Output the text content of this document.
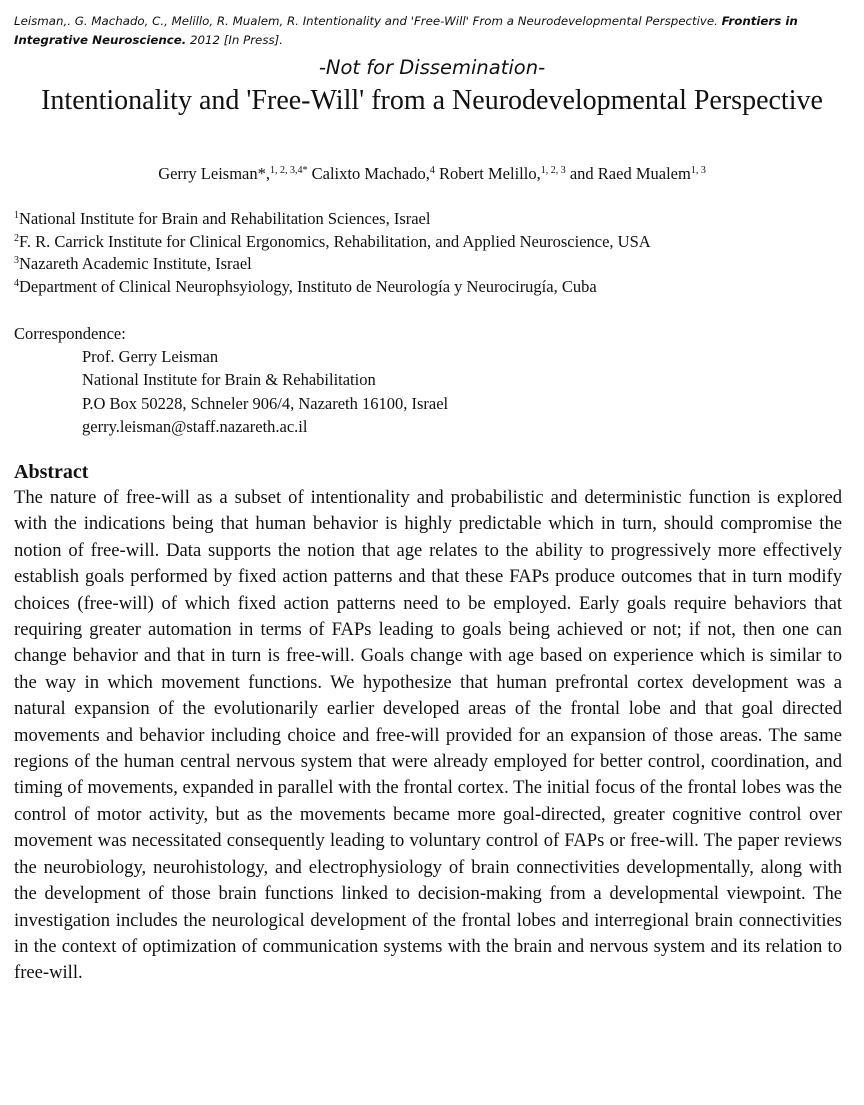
Leisman,. G. Machado, C., Melillo, R. Mualem, R. Intentionality and 'Free-Will' From a Neurodevelopmental Perspective. Frontiers in Integrative Neuroscience. 2012 [In Press].
-Not for Dissemination-
Intentionality and 'Free-Will' from a Neurodevelopmental Perspective
Gerry Leisman*,$^{1, 2, 3,4*}$ Calixto Machado,$^4$ Robert Melillo,$^{1, 2, 3}$ and Raed Mualem$^{1, 3}$
$^1$National Institute for Brain and Rehabilitation Sciences, Israel
$^2$F. R. Carrick Institute for Clinical Ergonomics, Rehabilitation, and Applied Neuroscience, USA
$^3$Nazareth Academic Institute, Israel
$^4$Department of Clinical Neurophsyiology, Instituto de Neurología y Neurocirugía, Cuba
Correspondence:
Prof. Gerry Leisman
National Institute for Brain & Rehabilitation
P.O Box 50228, Schneler 906/4, Nazareth 16100, Israel
gerry.leisman@staff.nazareth.ac.il
Abstract
The nature of free-will as a subset of intentionality and probabilistic and deterministic function is explored with the indications being that human behavior is highly predictable which in turn, should compromise the notion of free-will. Data supports the notion that age relates to the ability to progressively more effectively establish goals performed by fixed action patterns and that these FAPs produce outcomes that in turn modify choices (free-will) of which fixed action patterns need to be employed. Early goals require behaviors that requiring greater automation in terms of FAPs leading to goals being achieved or not; if not, then one can change behavior and that in turn is free-will. Goals change with age based on experience which is similar to the way in which movement functions. We hypothesize that human prefrontal cortex development was a natural expansion of the evolutionarily earlier developed areas of the frontal lobe and that goal directed movements and behavior including choice and free-will provided for an expansion of those areas. The same regions of the human central nervous system that were already employed for better control, coordination, and timing of movements, expanded in parallel with the frontal cortex. The initial focus of the frontal lobes was the control of motor activity, but as the movements became more goal-directed, greater cognitive control over movement was necessitated consequently leading to voluntary control of FAPs or free-will. The paper reviews the neurobiology, neurohistology, and electrophysiology of brain connectivities developmentally, along with the development of those brain functions linked to decision-making from a developmental viewpoint. The investigation includes the neurological development of the frontal lobes and interregional brain connectivities in the context of optimization of communication systems with the brain and nervous system and its relation to free-will.
